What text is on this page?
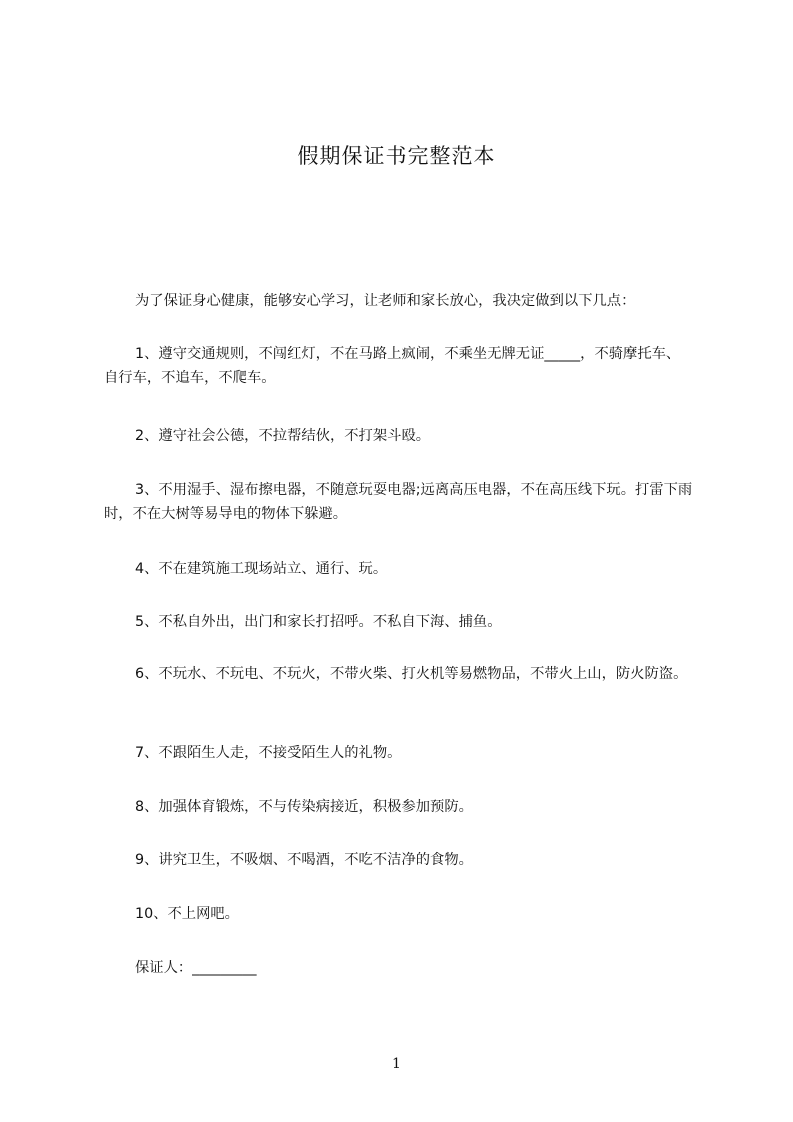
假期保证书完整范本
为了保证身心健康，能够安心学习，让老师和家长放心，我决定做到以下几点：
1、遵守交通规则，不闯红灯，不在马路上疯闹，不乘坐无牌无证_____，不骑摩托车、自行车，不追车，不爬车。
2、遵守社会公德，不拉帮结伙，不打架斗殴。
3、不用湿手、湿布擦电器，不随意玩耍电器;远离高压电器，不在高压线下玩。打雷下雨时，不在大树等易导电的物体下躲避。
4、不在建筑施工现场站立、通行、玩。
5、不私自外出，出门和家长打招呼。不私自下海、捕鱼。
6、不玩水、不玩电、不玩火，不带火柴、打火机等易燃物品，不带火上山，防火防盗。
7、不跟陌生人走，不接受陌生人的礼物。
8、加强体育锻炼，不与传染病接近，积极参加预防。
9、讲究卫生，不吸烟、不喝酒，不吃不洁净的食物。
10、不上网吧。
保证人：_________
1
